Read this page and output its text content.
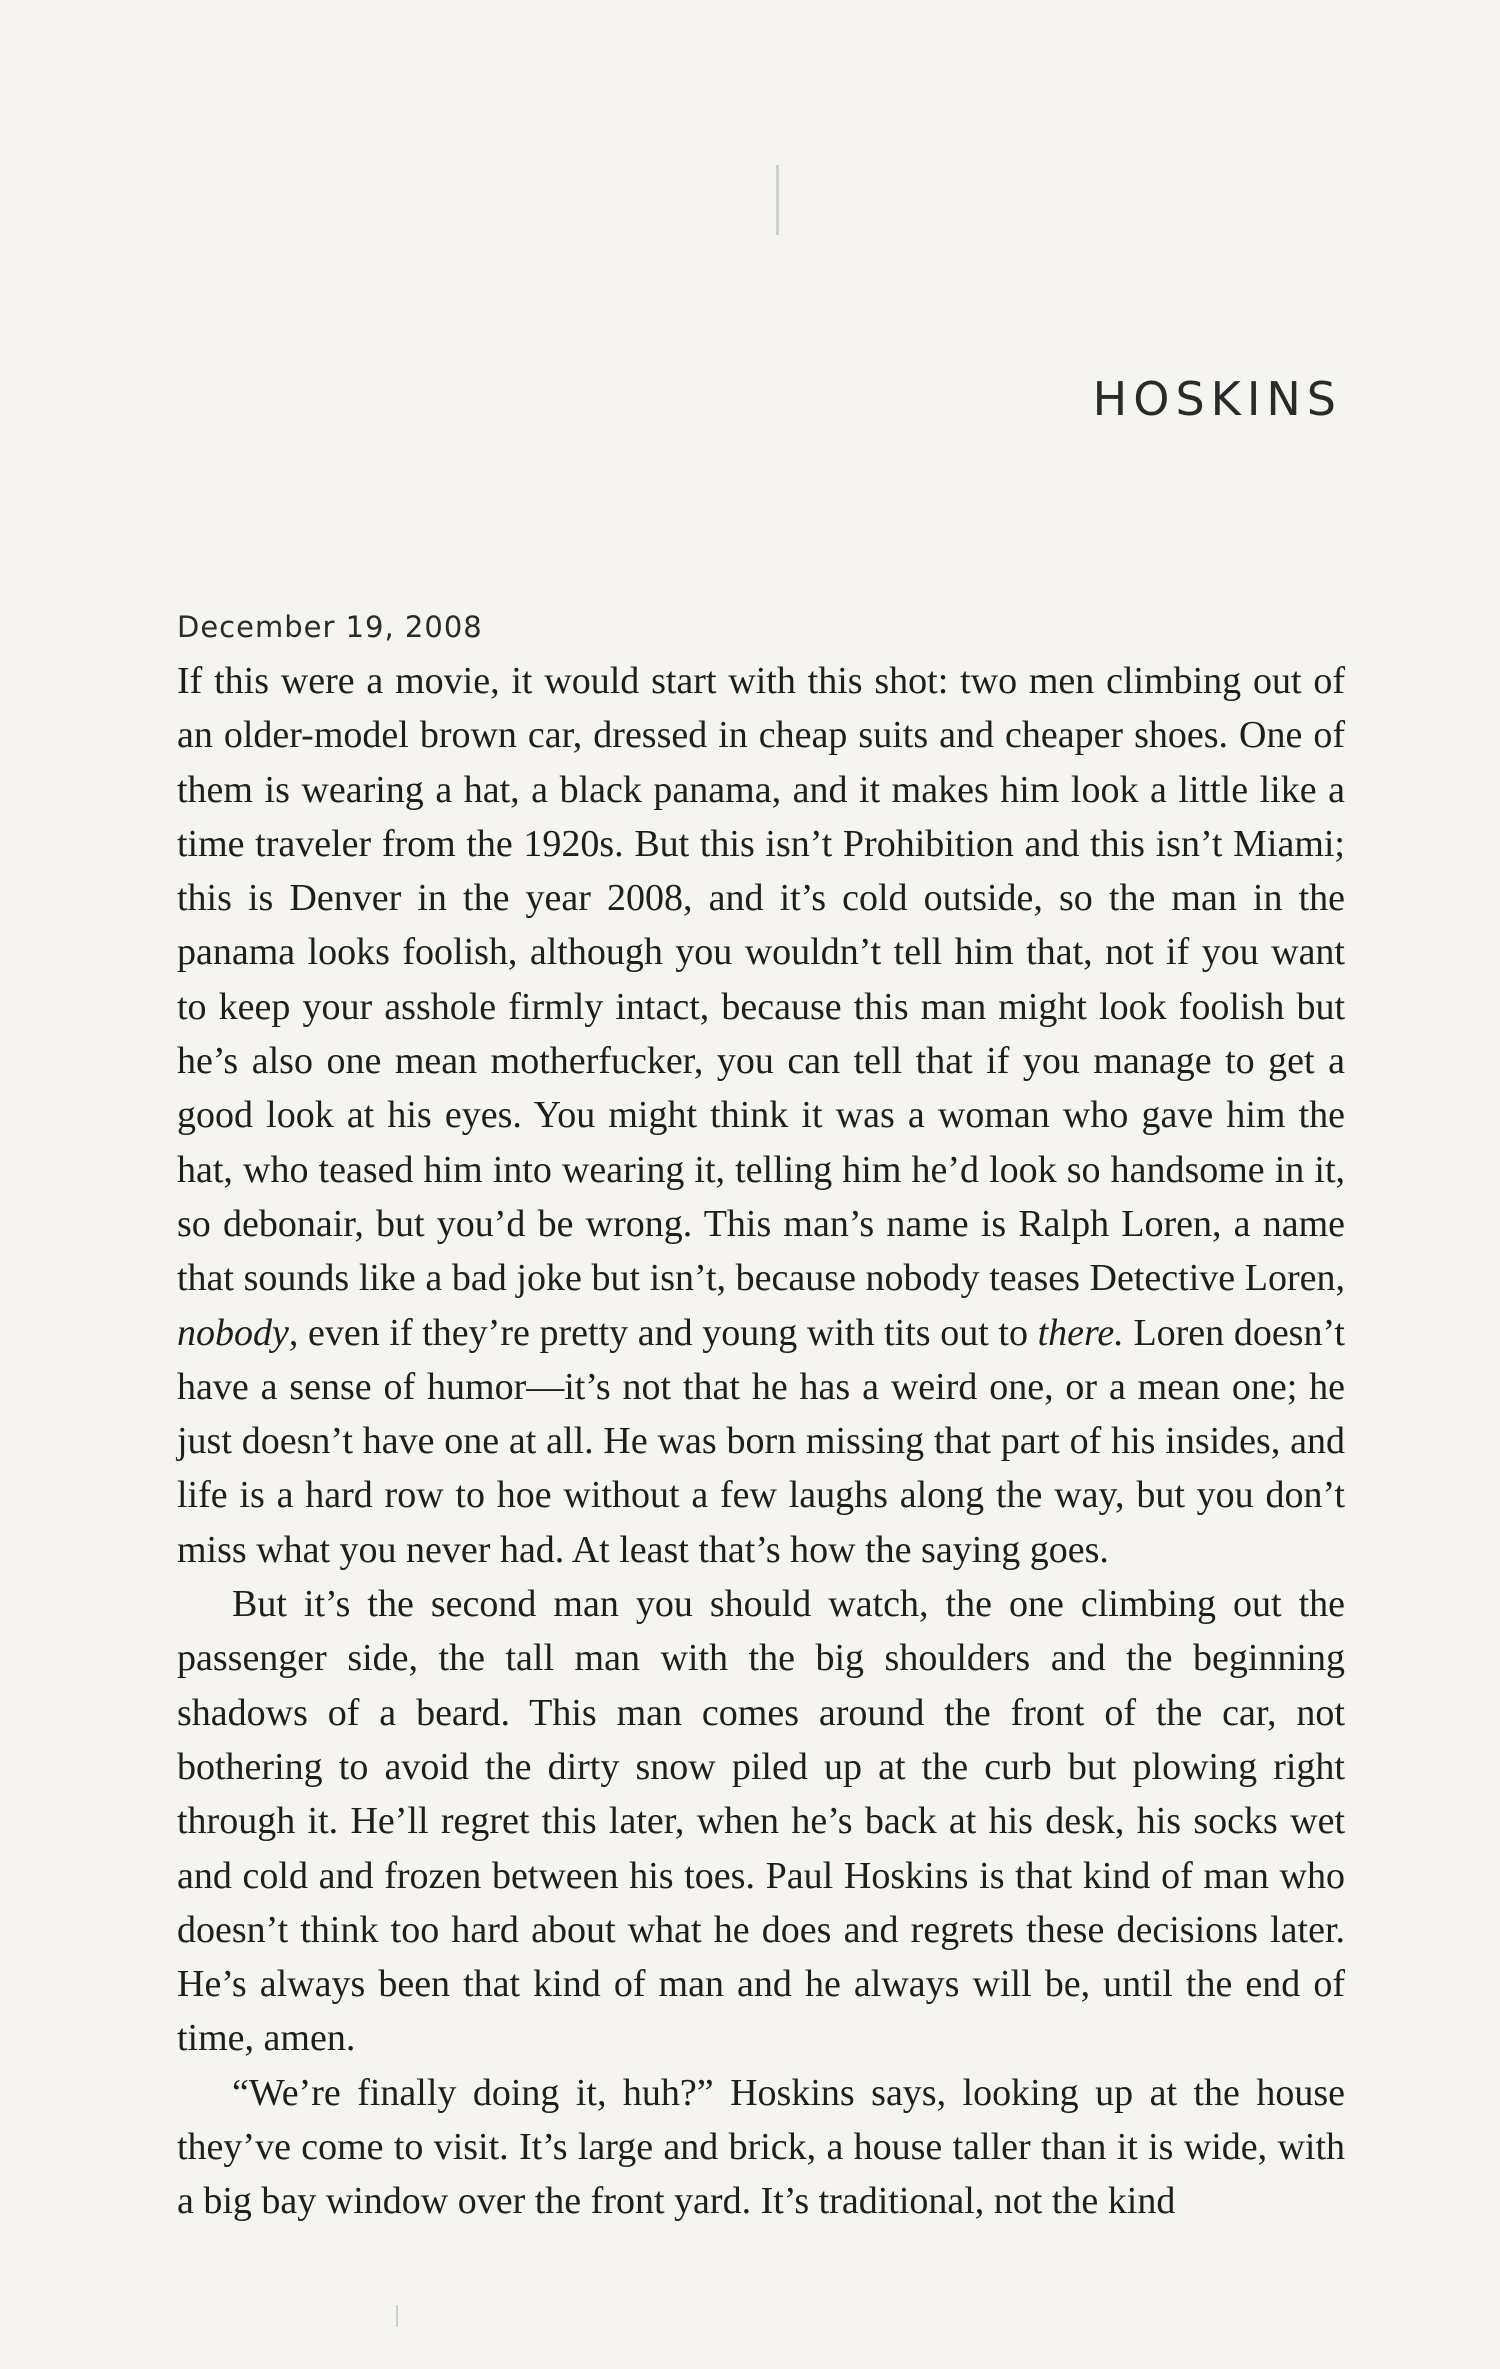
HOSKINS

December 19, 2008

If this were a movie, it would start with this shot: two men climbing out of an older-model brown car, dressed in cheap suits and cheaper shoes. One of them is wearing a hat, a black panama, and it makes him look a little like a time traveler from the 1920s. But this isn’t Prohibition and this isn’t Miami; this is Denver in the year 2008, and it’s cold outside, so the man in the panama looks foolish, although you wouldn’t tell him that, not if you want to keep your asshole firmly intact, because this man might look foolish but he’s also one mean motherfucker, you can tell that if you manage to get a good look at his eyes. You might think it was a woman who gave him the hat, who teased him into wearing it, telling him he’d look so handsome in it, so debonair, but you’d be wrong. This man’s name is Ralph Loren, a name that sounds like a bad joke but isn’t, because nobody teases Detective Loren, nobody, even if they’re pretty and young with tits out to there. Loren doesn’t have a sense of humor—it’s not that he has a weird one, or a mean one; he just doesn’t have one at all. He was born missing that part of his insides, and life is a hard row to hoe without a few laughs along the way, but you don’t miss what you never had. At least that’s how the saying goes.

But it’s the second man you should watch, the one climbing out the passenger side, the tall man with the big shoulders and the beginning shadows of a beard. This man comes around the front of the car, not bothering to avoid the dirty snow piled up at the curb but plowing right through it. He’ll regret this later, when he’s back at his desk, his socks wet and cold and frozen between his toes. Paul Hoskins is that kind of man who doesn’t think too hard about what he does and regrets these decisions later. He’s always been that kind of man and he always will be, until the end of time, amen.

“We’re finally doing it, huh?” Hoskins says, looking up at the house they’ve come to visit. It’s large and brick, a house taller than it is wide, with a big bay window over the front yard. It’s traditional, not the kind
